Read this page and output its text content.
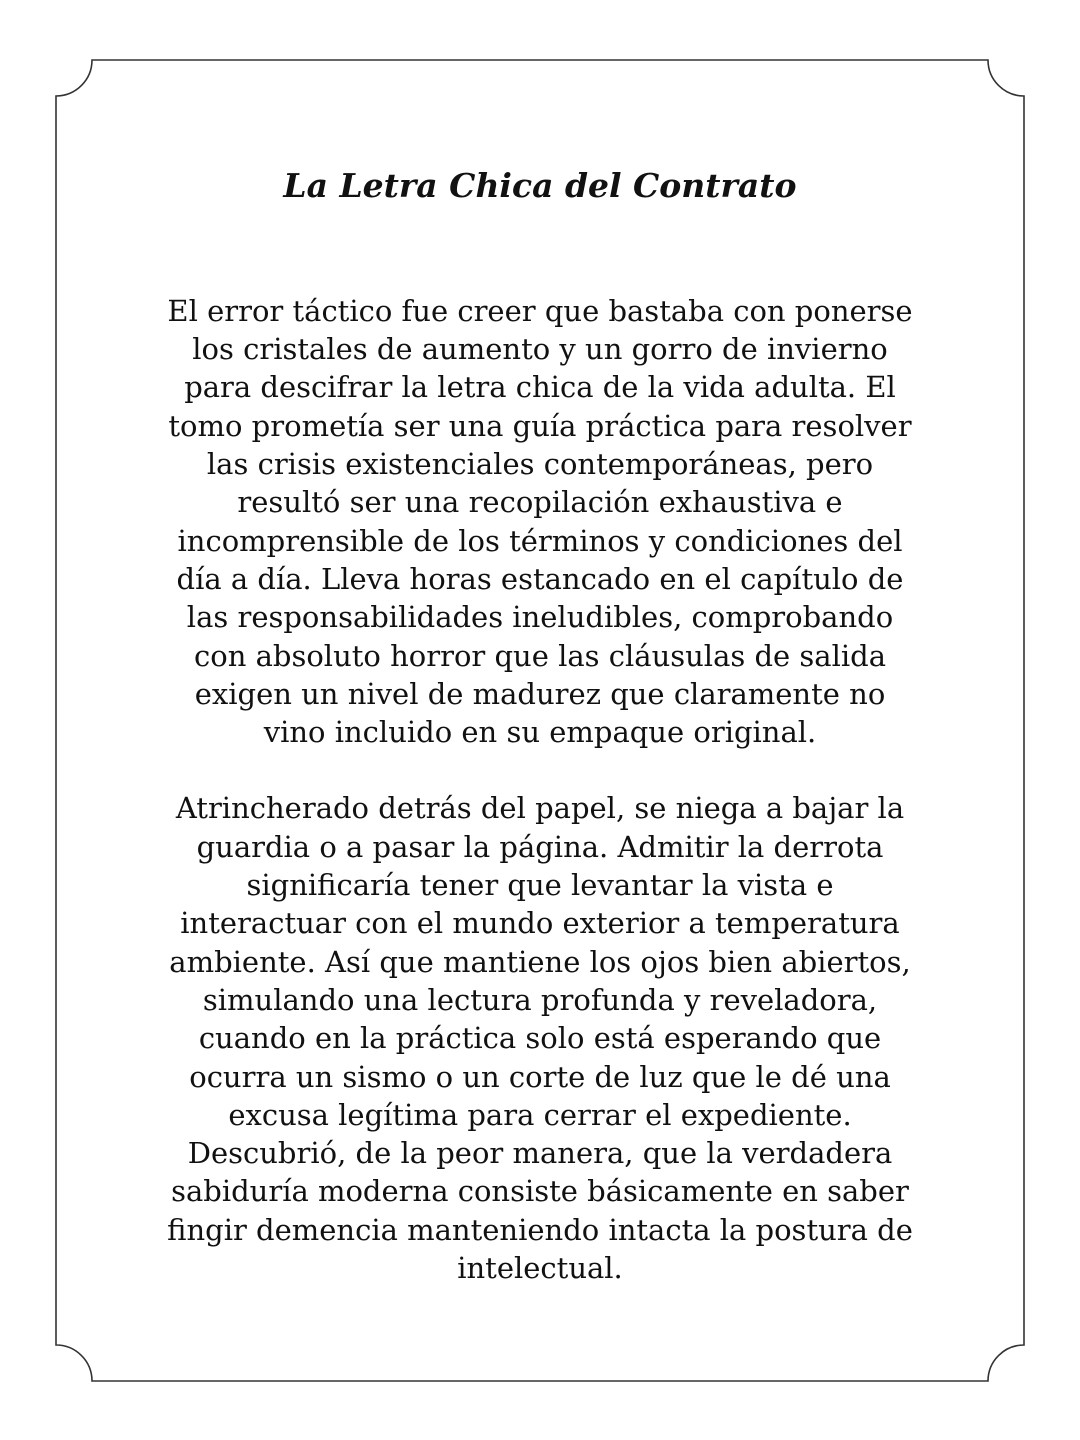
La Letra Chica del Contrato

El error táctico fue creer que bastaba con ponerse
los cristales de aumento y un gorro de invierno
para descifrar la letra chica de la vida adulta. El
tomo prometía ser una guía práctica para resolver
las crisis existenciales contemporáneas, pero
resultó ser una recopilación exhaustiva e
incomprensible de los términos y condiciones del
día a día. Lleva horas estancado en el capítulo de
las responsabilidades ineludibles, comprobando
con absoluto horror que las cláusulas de salida
exigen un nivel de madurez que claramente no
vino incluido en su empaque original.

Atrincherado detrás del papel, se niega a bajar la
guardia o a pasar la página. Admitir la derrota
significaría tener que levantar la vista e
interactuar con el mundo exterior a temperatura
ambiente. Así que mantiene los ojos bien abiertos,
simulando una lectura profunda y reveladora,
cuando en la práctica solo está esperando que
ocurra un sismo o un corte de luz que le dé una
excusa legítima para cerrar el expediente.
Descubrió, de la peor manera, que la verdadera
sabiduría moderna consiste básicamente en saber
fingir demencia manteniendo intacta la postura de
intelectual.
